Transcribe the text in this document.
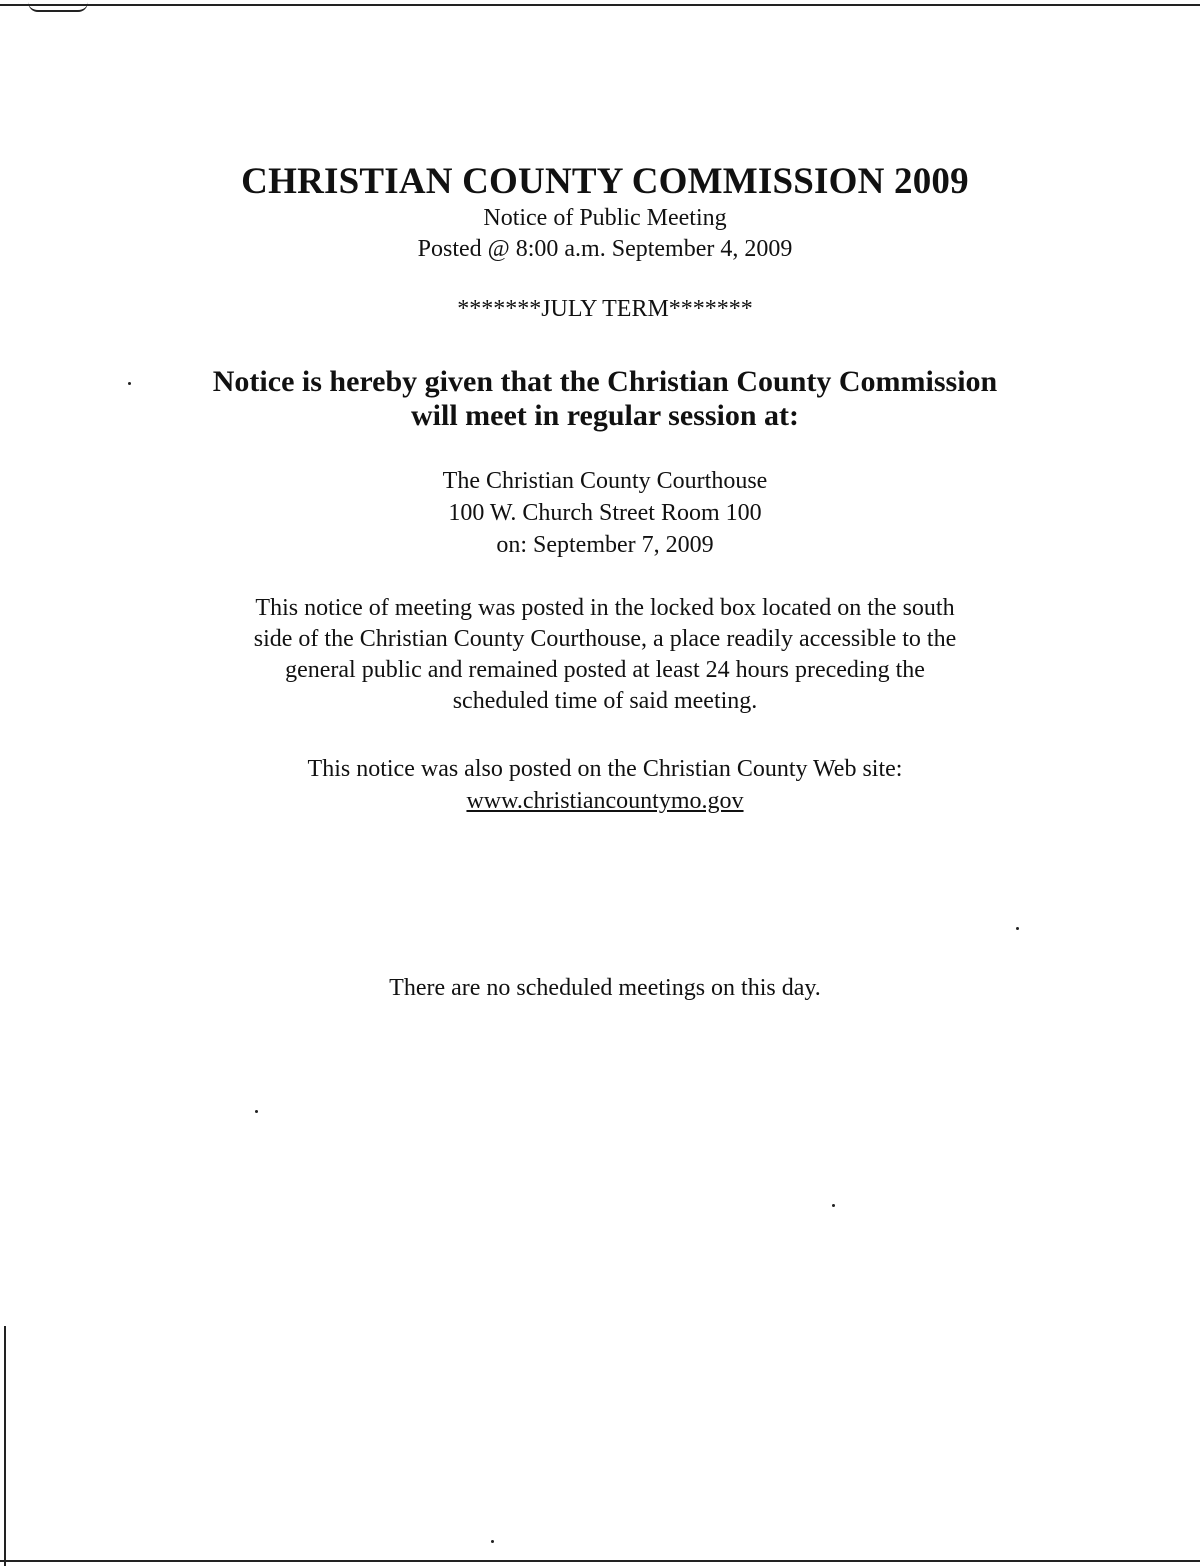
CHRISTIAN COUNTY COMMISSION 2009
Notice of Public Meeting
Posted @ 8:00 a.m. September 4, 2009
*******JULY TERM*******
Notice is hereby given that the Christian County Commission
will meet in regular session at:
The Christian County Courthouse
100 W. Church Street Room 100
on: September 7, 2009
This notice of meeting was posted in the locked box located on the south
side of the Christian County Courthouse, a place readily accessible to the
general public and remained posted at least 24 hours preceding the
scheduled time of said meeting.
This notice was also posted on the Christian County Web site:
www.christiancountymo.gov
There are no scheduled meetings on this day.
